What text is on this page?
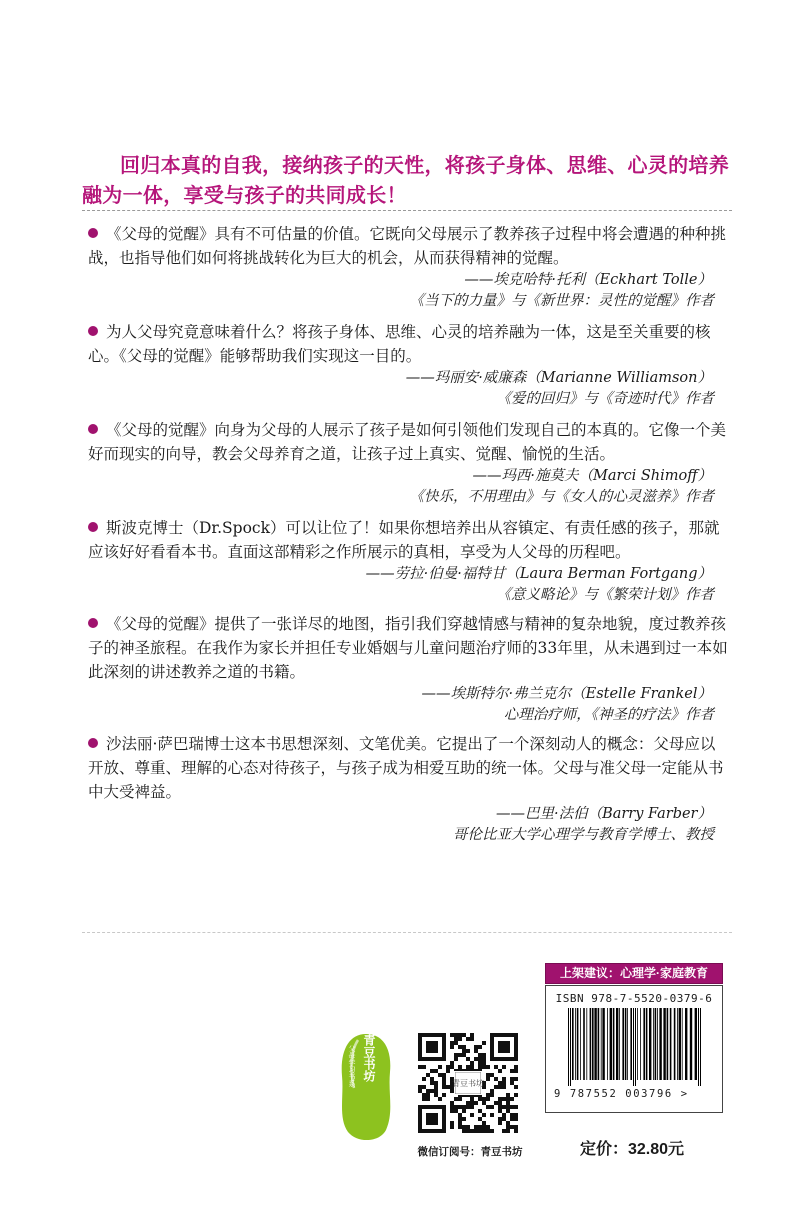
回归本真的自我，接纳孩子的天性，将孩子身体、思维、心灵的培养融为一体，享受与孩子的共同成长！

《父母的觉醒》具有不可估量的价值。它既向父母展示了教养孩子过程中将会遭遇的种种挑战，也指导他们如何将挑战转化为巨大的机会，从而获得精神的觉醒。

——埃克哈特·托利（Eckhart Tolle）

《当下的力量》与《新世界：灵性的觉醒》作者

为人父母究竟意味着什么？将孩子身体、思维、心灵的培养融为一体，这是至关重要的核心。《父母的觉醒》能够帮助我们实现这一目的。

——玛丽安·威廉森（Marianne Williamson）

《爱的回归》与《奇迹时代》作者

《父母的觉醒》向身为父母的人展示了孩子是如何引领他们发现自己的本真的。它像一个美好而现实的向导，教会父母养育之道，让孩子过上真实、觉醒、愉悦的生活。

——玛西·施莫夫（Marci Shimoff）

《快乐，不用理由》与《女人的心灵滋养》作者

斯波克博士（Dr.Spock）可以让位了！如果你想培养出从容镇定、有责任感的孩子，那就应该好好看看本书。直面这部精彩之作所展示的真相，享受为人父母的历程吧。

——劳拉·伯曼·福特甘（Laura Berman Fortgang）

《意义略论》与《繁荣计划》作者

《父母的觉醒》提供了一张详尽的地图，指引我们穿越情感与精神的复杂地貌，度过教养孩子的神圣旅程。在我作为家长并担任专业婚姻与儿童问题治疗师的33年里，从未遇到过一本如此深刻的讲述教养之道的书籍。

——埃斯特尔·弗兰克尔（Estelle Frankel）

心理治疗师，《神圣的疗法》作者

沙法丽·萨巴瑞博士这本书思想深刻、文笔优美。它提出了一个深刻动人的概念：父母应以开放、尊重、理解的心态对待孩子，与孩子成为相爱互助的统一体。父母与准父母一定能从书中大受裨益。

——巴里·法伯（Barry Farber）

哥伦比亚大学心理学与教育学博士、教授

青豆书坊
父母学习书系	青豆书坊
微信订阅号：青豆书坊
上架建议：心理学·家庭教育
ISBN 978-7-5520-0379-6
9 787552 003796 >
定价：32.80元
